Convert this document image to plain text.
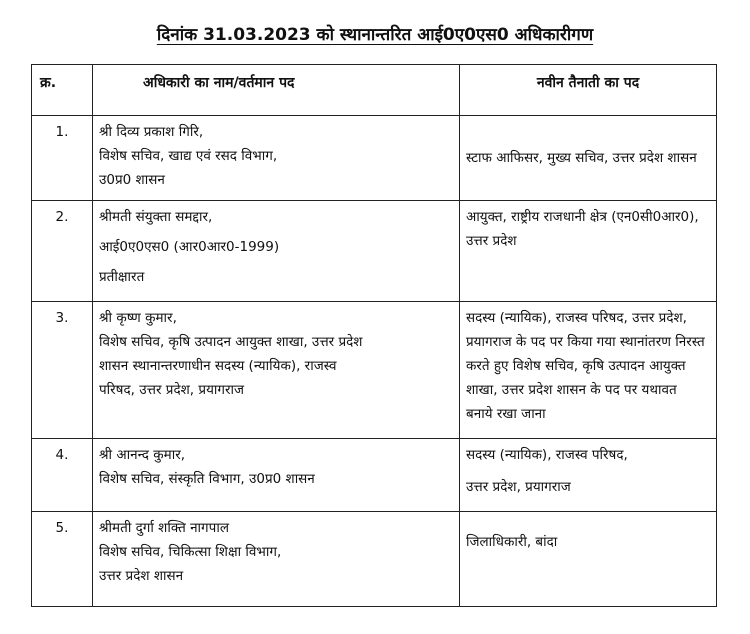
दिनांक 31.03.2023 को स्थानान्तरित आई0ए0एस0 अधिकारीगण
क्र.	अधिकारी का नाम/वर्तमान पद	नवीन तैनाती का पद
1.	श्री दिव्य प्रकाश गिरि,
विशेष सचिव, खाद्य एवं रसद विभाग,
उ0प्र0 शासन	स्टाफ आफिसर, मुख्य सचिव, उत्तर प्रदेश शासन

2.	श्रीमती संयुक्ता समद्दार,
आई0ए0एस0 (आर0आर0-1999)
प्रतीक्षारत	आयुक्त, राष्ट्रीय राजधानी क्षेत्र (एन0सी0आर0),
उत्तर प्रदेश

3.	श्री कृष्ण कुमार,
विशेष सचिव, कृषि उत्पादन आयुक्त शाखा, उत्तर प्रदेश
शासन स्थानान्तरणाधीन सदस्य (न्यायिक), राजस्व
परिषद, उत्तर प्रदेश, प्रयागराज	सदस्य (न्यायिक), राजस्व परिषद, उत्तर प्रदेश,
प्रयागराज के पद पर किया गया स्थानांतरण निरस्त
करते हुए विशेष सचिव, कृषि उत्पादन आयुक्त
शाखा, उत्तर प्रदेश शासन के पद पर यथावत
बनाये रखा जाना

4.	श्री आनन्द कुमार,
विशेष सचिव, संस्कृति विभाग, उ0प्र0 शासन	सदस्य (न्यायिक), राजस्व परिषद,
उत्तर प्रदेश, प्रयागराज

5.	श्रीमती दुर्गा शक्ति नागपाल
विशेष सचिव, चिकित्सा शिक्षा विभाग,
उत्तर प्रदेश शासन	जिलाधिकारी, बांदा
